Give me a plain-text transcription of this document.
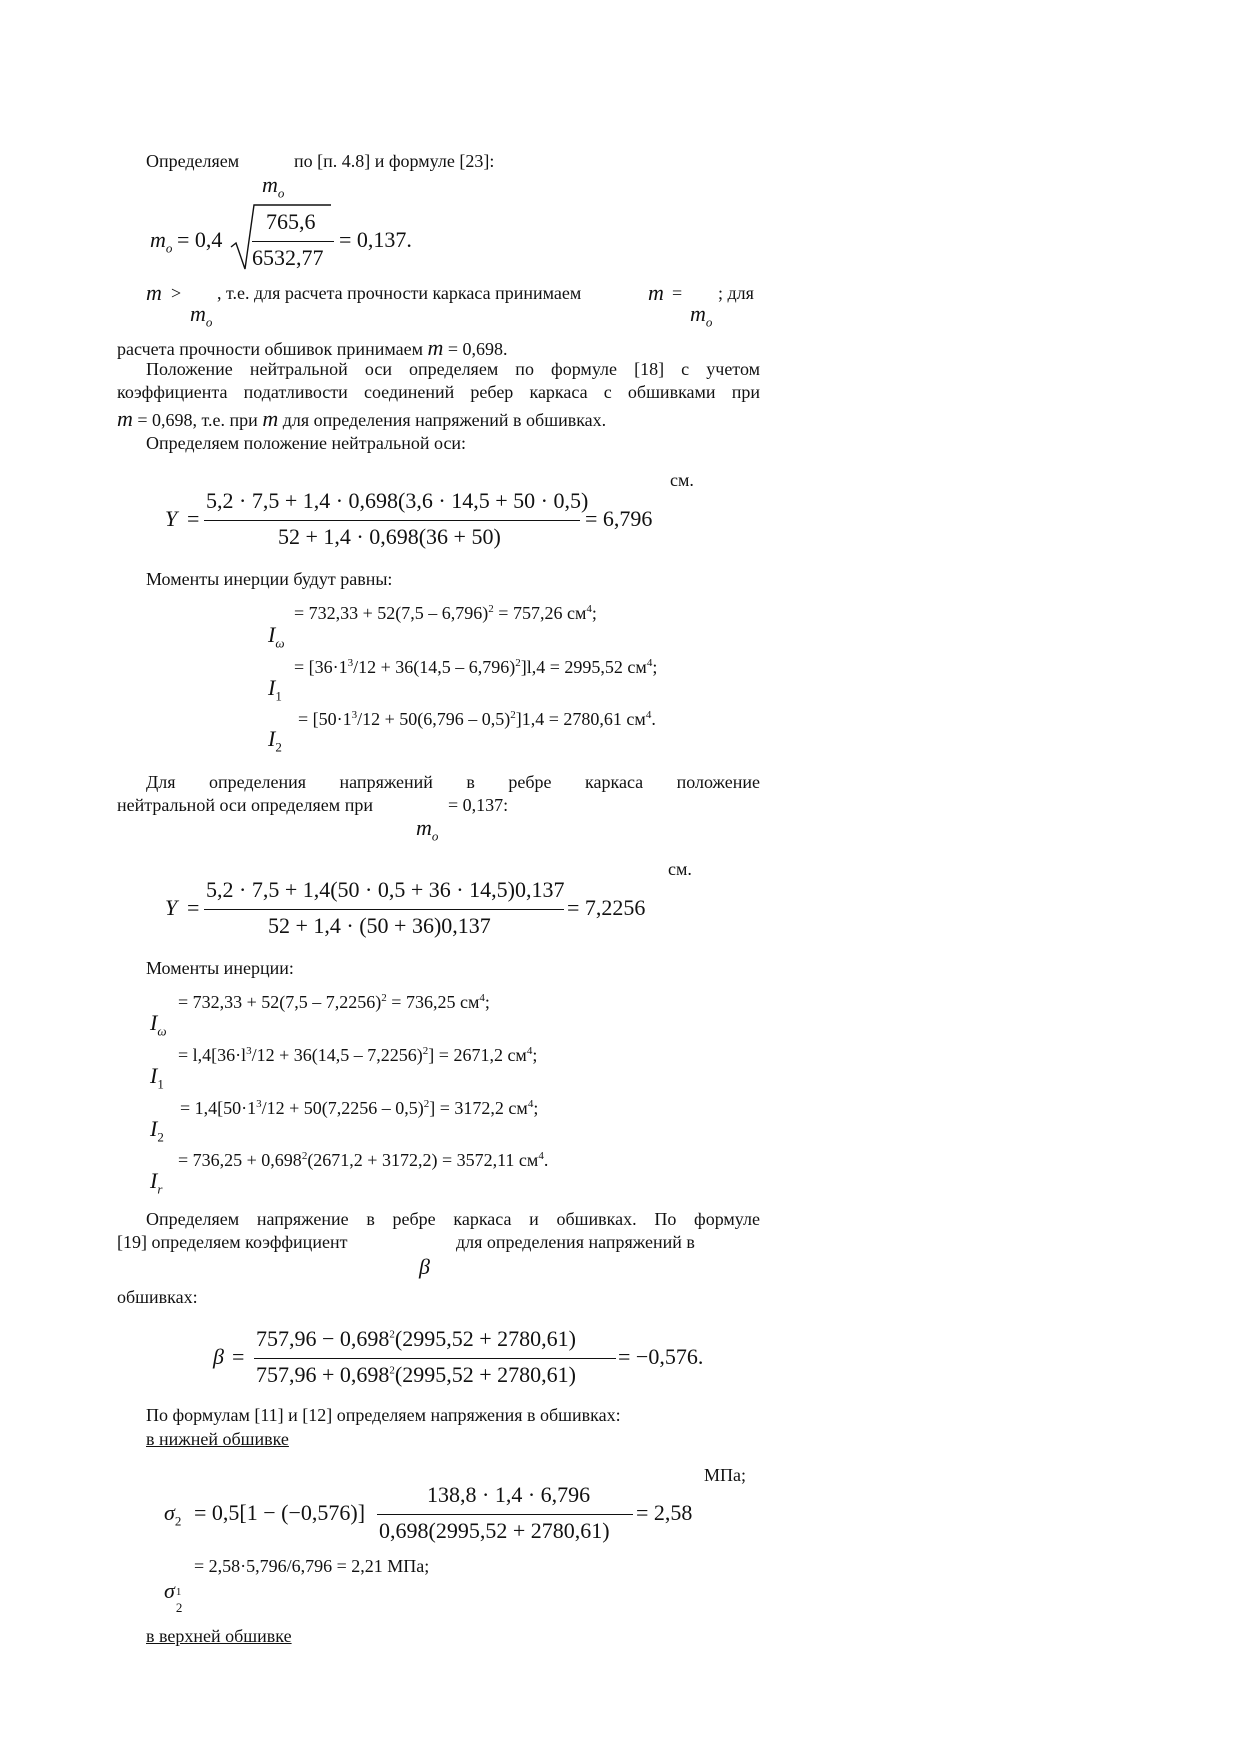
Определяем	по [п. 4.8] и формуле [23]:
$m_o$
$m_o = 0,4$
765,6
6532,77
= 0,137.
m > , т.е. для расчета прочности каркаса принимаем	m = ; для
$m_o$	$m_o$
расчета прочности обшивок принимаем m = 0,698.
Положение нейтральной оси определяем по формуле [18] с учетом
коэффициента податливости соединений ребер каркаса с обшивками при
m = 0,698, т.е. при m для определения напряжений в обшивках.
Определяем положение нейтральной оси:
см.
Y =
5,2 · 7,5 + 1,4 · 0,698(3,6 · 14,5 + 50 · 0,5)
52 + 1,4 · 0,698(36 + 50)
= 6,796
Моменты инерции будут равны:
= 732,33 + 52(7,5 – 6,796)$^2$ = 757,26 $см^4$;
$I_\omega$
= $[36\cdot 1^3/12 + 36(14,5 - 6,796)^2]l,4 = 2995,52$ $см^4$;
$I_1$
= $[50\cdot 1^3/12 + 50(6,796 - 0,5)^2]1,4 = 2780,61$ $см^4$.
$I_2$
Для определения напряжений в ребре каркаса положение
нейтральной оси определяем при	= 0,137:
$m_o$
см.
Y =
5,2 · 7,5 + 1,4(50 · 0,5 + 36 · 14,5)0,137
52 + 1,4 · (50 + 36)0,137
= 7,2256
Моменты инерции:
= 732,33 + 52(7,5 – 7,2256)$^2$ = 736,25 $см^4$;
$I_\omega$
= $l,4[36\cdot l^3/12 + 36(14,5 - 7,2256)^2] = 2671,2$ $см^4$;
$I_1$
= $1,4[50\cdot 1^3/12 + 50(7,2256 - 0,5)^2] = 3172,2$ $см^4$;
$I_2$
= $736,25 + 0,698^2(2671,2 + 3172,2) = 3572,11$ $см^4$.
$I_r$
Определяем напряжение в ребре каркаса и обшивках. По формуле
[19] определяем коэффициент	для определения напряжений в
β
обшивках:
β =
$757,96 - 0,698^2(2995,52 + 2780,61)$
$757,96 + 0,698^2(2995,52 + 2780,61)$
= −0,576.
По формулам [11] и [12] определяем напряжения в обшивках:
в нижней обшивке
МПа;
$\sigma_2 = 0,5[1 - (-0,576)]$
138,8 · 1,4 · 6,796
0,698(2995,52 + 2780,61)
= 2,58
= 2,58·5,796/6,796 = 2,21 МПа;
σ 1
2
в верхней обшивке
